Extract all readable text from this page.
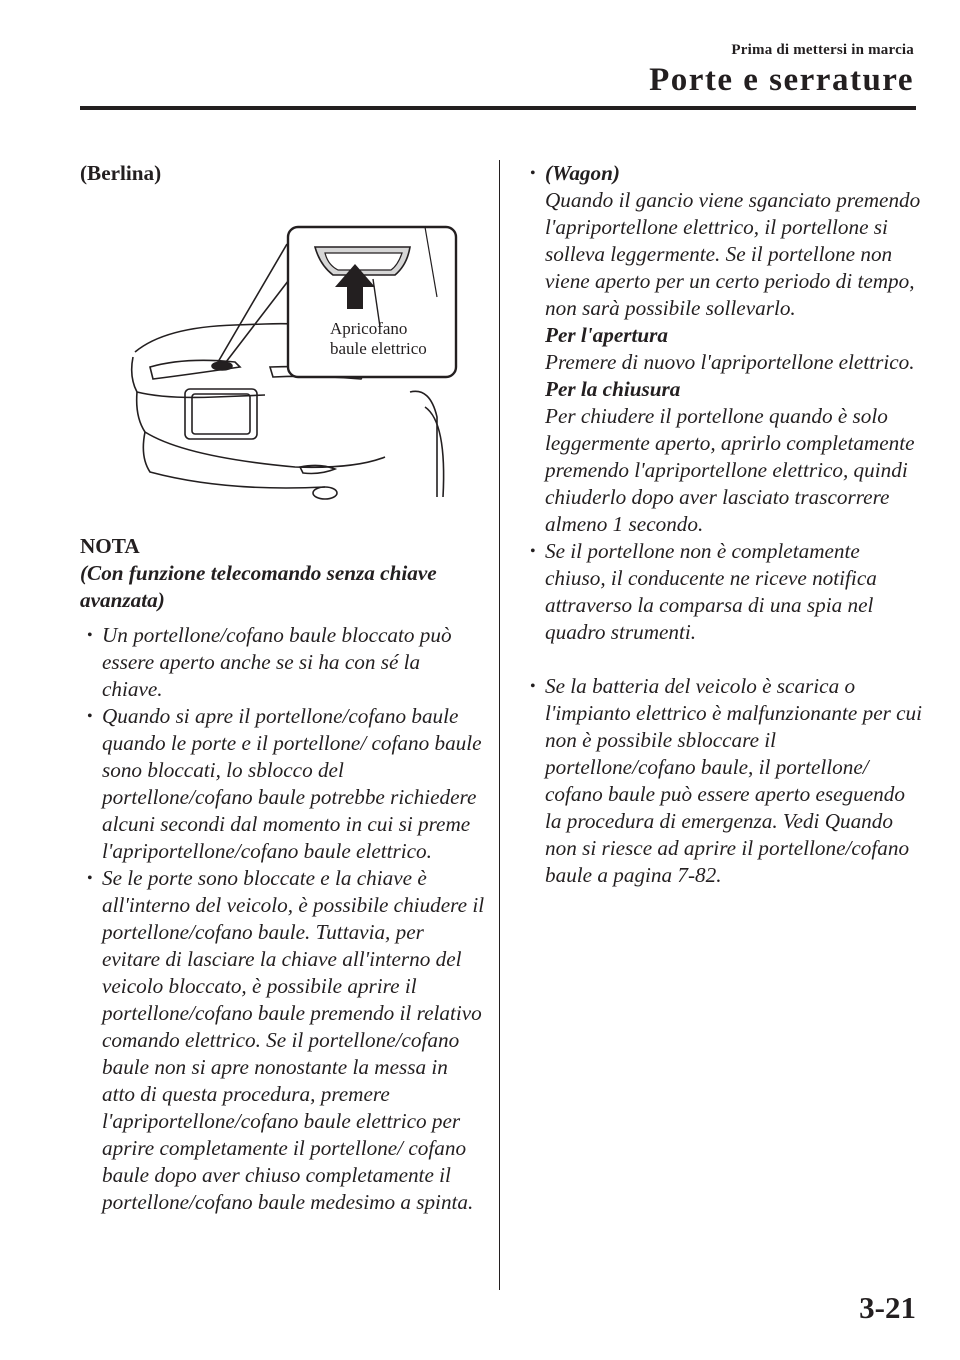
Prima di mettersi in marcia
Porte e serrature
(Berlina)
Apricofano
baule elettrico
NOTA
(Con funzione telecomando senza chiave
avanzata)
• Un portellone/cofano baule bloccato può essere aperto anche se si ha con sé la chiave.
• Quando si apre il portellone/cofano baule quando le porte e il portellone/ cofano baule sono bloccati, lo sblocco del portellone/cofano baule potrebbe richiedere alcuni secondi dal momento in cui si preme l'apriportellone/cofano baule elettrico.
• Se le porte sono bloccate e la chiave è all'interno del veicolo, è possibile chiudere il portellone/cofano baule. Tuttavia, per evitare di lasciare la chiave all'interno del veicolo bloccato, è possibile aprire il portellone/cofano baule premendo il relativo comando elettrico. Se il portellone/cofano baule non si apre nonostante la messa in atto di questa procedura, premere l'apriportellone/cofano baule elettrico per aprire completamente il portellone/ cofano baule dopo aver chiuso completamente il portellone/cofano baule medesimo a spinta.
• (Wagon)
Quando il gancio viene sganciato premendo l'apriportellone elettrico, il portellone si solleva leggermente. Se il portellone non viene aperto per un certo periodo di tempo, non sarà possibile sollevarlo.
Per l'apertura
Premere di nuovo l'apriportellone elettrico.
Per la chiusura
Per chiudere il portellone quando è solo leggermente aperto, aprirlo completamente premendo l'apriportellone elettrico, quindi chiuderlo dopo aver lasciato trascorrere almeno 1 secondo.
• Se il portellone non è completamente chiuso, il conducente ne riceve notifica attraverso la comparsa di una spia nel quadro strumenti.
• Se la batteria del veicolo è scarica o l'impianto elettrico è malfunzionante per cui non è possibile sbloccare il portellone/cofano baule, il portellone/ cofano baule può essere aperto eseguendo la procedura di emergenza. Vedi Quando non si riesce ad aprire il portellone/cofano baule a pagina 7-82.
3-21
